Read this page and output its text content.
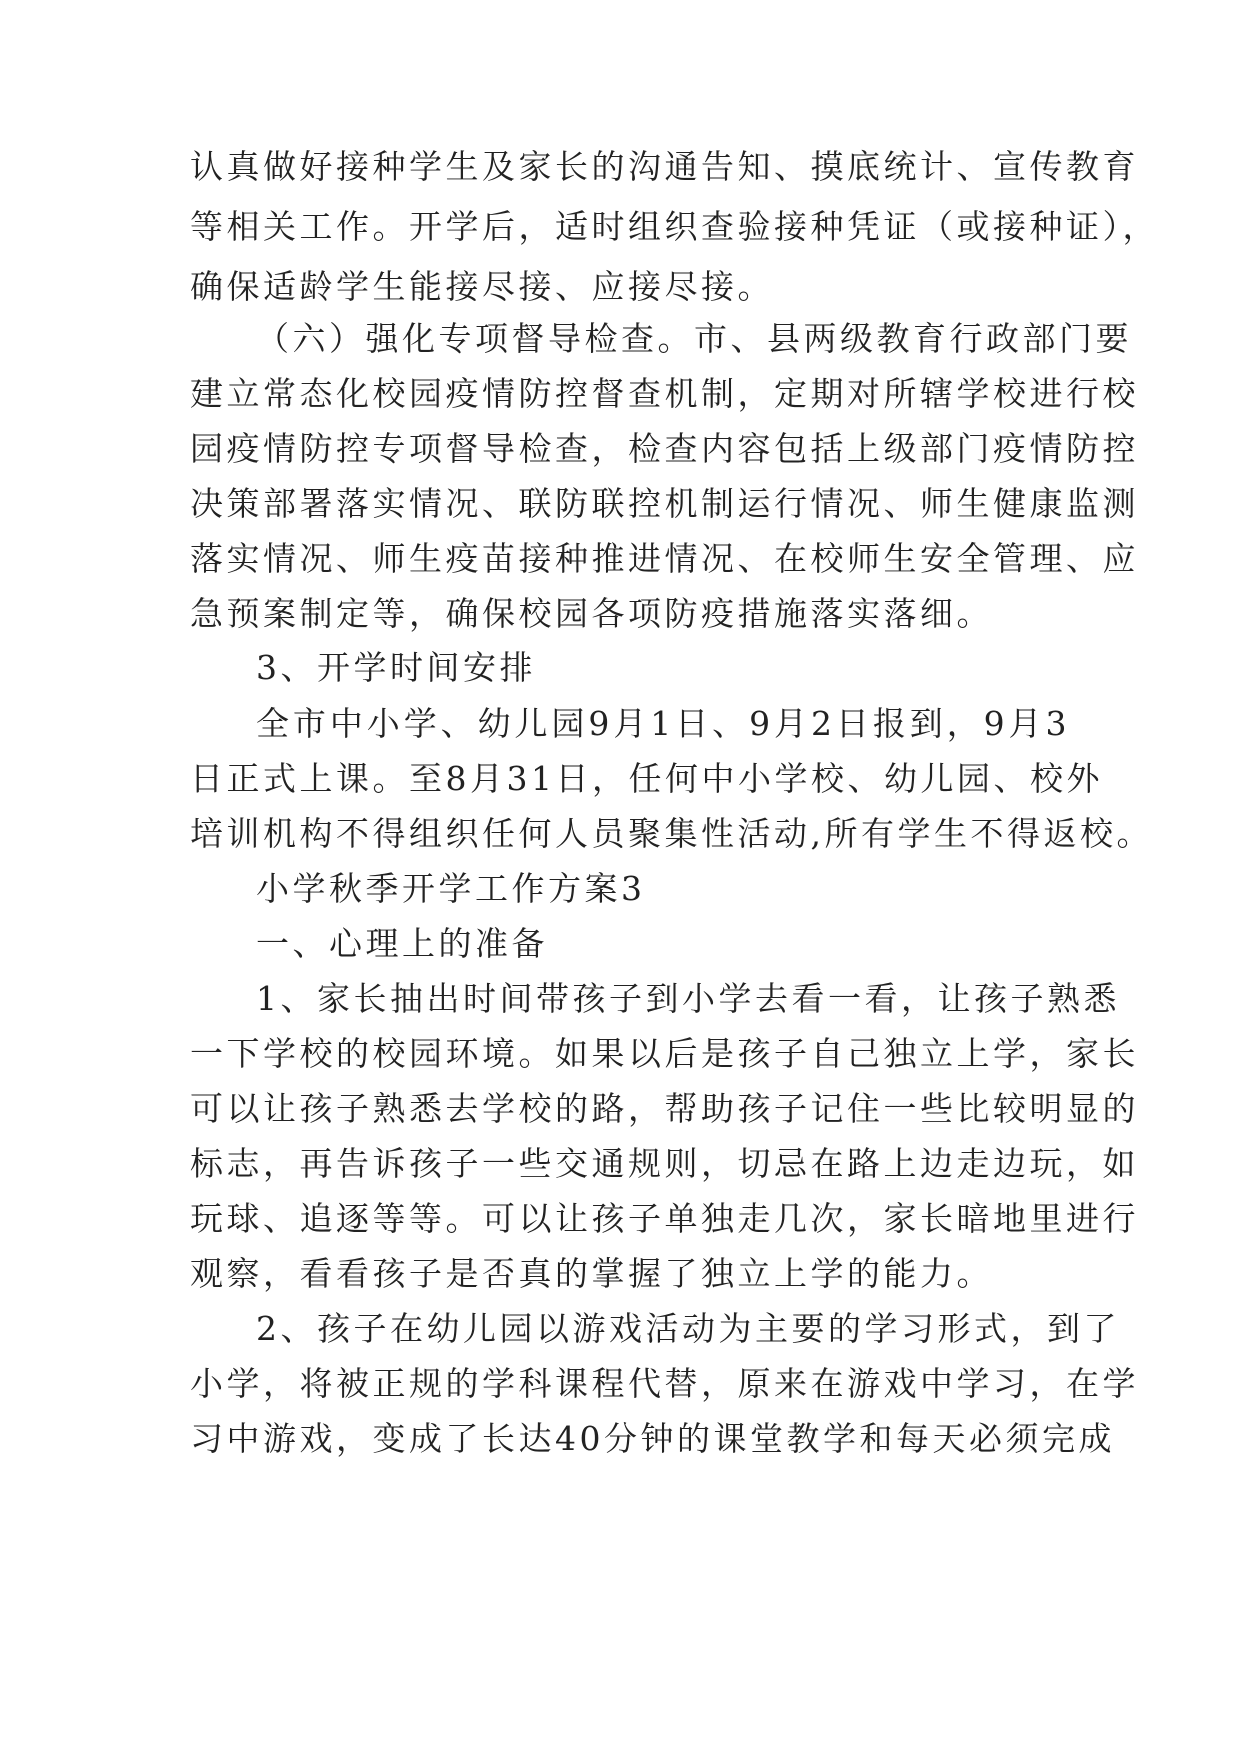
认真做好接种学生及家长的沟通告知、摸底统计、宣传教育
等相关工作。开学后，适时组织查验接种凭证（或接种证），
确保适龄学生能接尽接、应接尽接。
（六）强化专项督导检查。市、县两级教育行政部门要
建立常态化校园疫情防控督查机制，定期对所辖学校进行校
园疫情防控专项督导检查，检查内容包括上级部门疫情防控
决策部署落实情况、联防联控机制运行情况、师生健康监测
落实情况、师生疫苗接种推进情况、在校师生安全管理、应
急预案制定等，确保校园各项防疫措施落实落细。
3、开学时间安排
全市中小学、幼儿园9月1日、9月2日报到，9月3
日正式上课。至8月31日，任何中小学校、幼儿园、校外
培训机构不得组织任何人员聚集性活动,所有学生不得返校。
小学秋季开学工作方案3
一、心理上的准备
1、家长抽出时间带孩子到小学去看一看，让孩子熟悉
一下学校的校园环境。如果以后是孩子自己独立上学，家长
可以让孩子熟悉去学校的路，帮助孩子记住一些比较明显的
标志，再告诉孩子一些交通规则，切忌在路上边走边玩，如
玩球、追逐等等。可以让孩子单独走几次，家长暗地里进行
观察，看看孩子是否真的掌握了独立上学的能力。
2、孩子在幼儿园以游戏活动为主要的学习形式，到了
小学，将被正规的学科课程代替，原来在游戏中学习，在学
习中游戏，变成了长达40分钟的课堂教学和每天必须完成
